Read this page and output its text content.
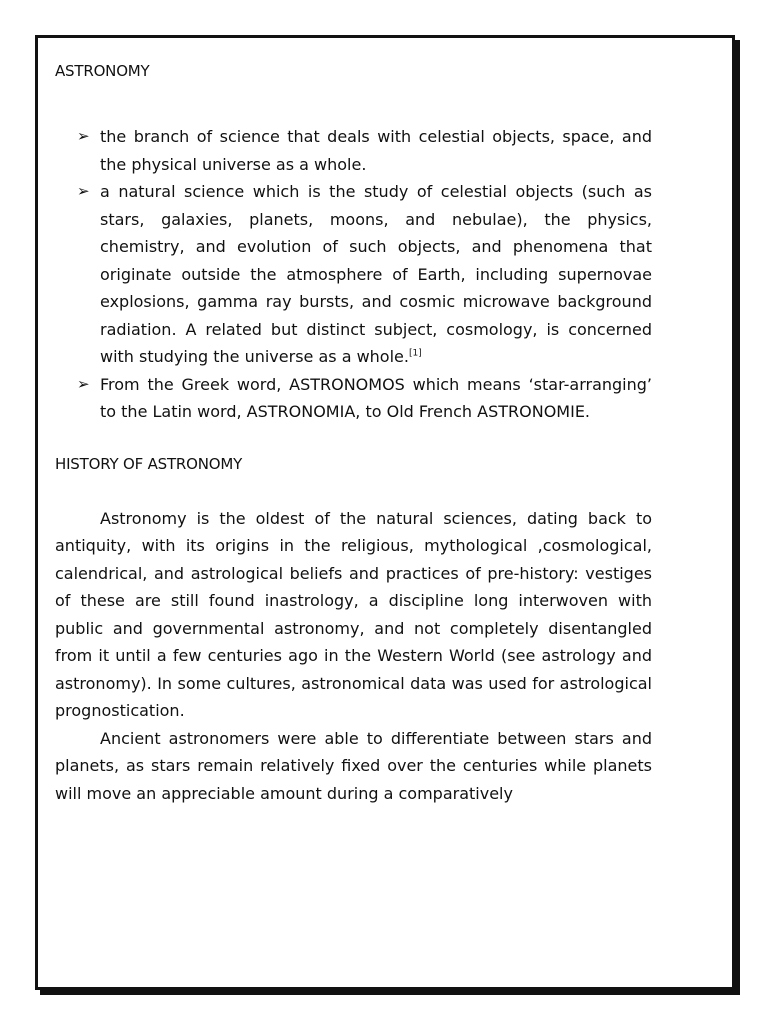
ASTRONOMY
➢ the branch of science that deals with celestial objects, space, and the physical universe as a whole.
➢ a natural science which is the study of celestial objects (such as stars, galaxies, planets, moons, and nebulae), the physics, chemistry, and evolution of such objects, and phenomena that originate outside the atmosphere of Earth, including supernovae explosions, gamma ray bursts, and cosmic microwave background radiation. A related but distinct subject, cosmology, is concerned with studying the universe as a whole.[1]
➢ From the Greek word, ASTRONOMOS which means ‘star-arranging’ to the Latin word, ASTRONOMIA, to Old French ASTRONOMIE.
HISTORY OF ASTRONOMY

Astronomy is the oldest of the natural sciences, dating back to antiquity, with its origins in the religious, mythological ,cosmological, calendrical, and astrological beliefs and practices of pre-history: vestiges of these are still found inastrology, a discipline long interwoven with public and governmental astronomy, and not completely disentangled from it until a few centuries ago in the Western World (see astrology and astronomy). In some cultures, astronomical data was used for astrological prognostication.

Ancient astronomers were able to differentiate between stars and planets, as stars remain relatively fixed over the centuries while planets will move an appreciable amount during a comparatively
